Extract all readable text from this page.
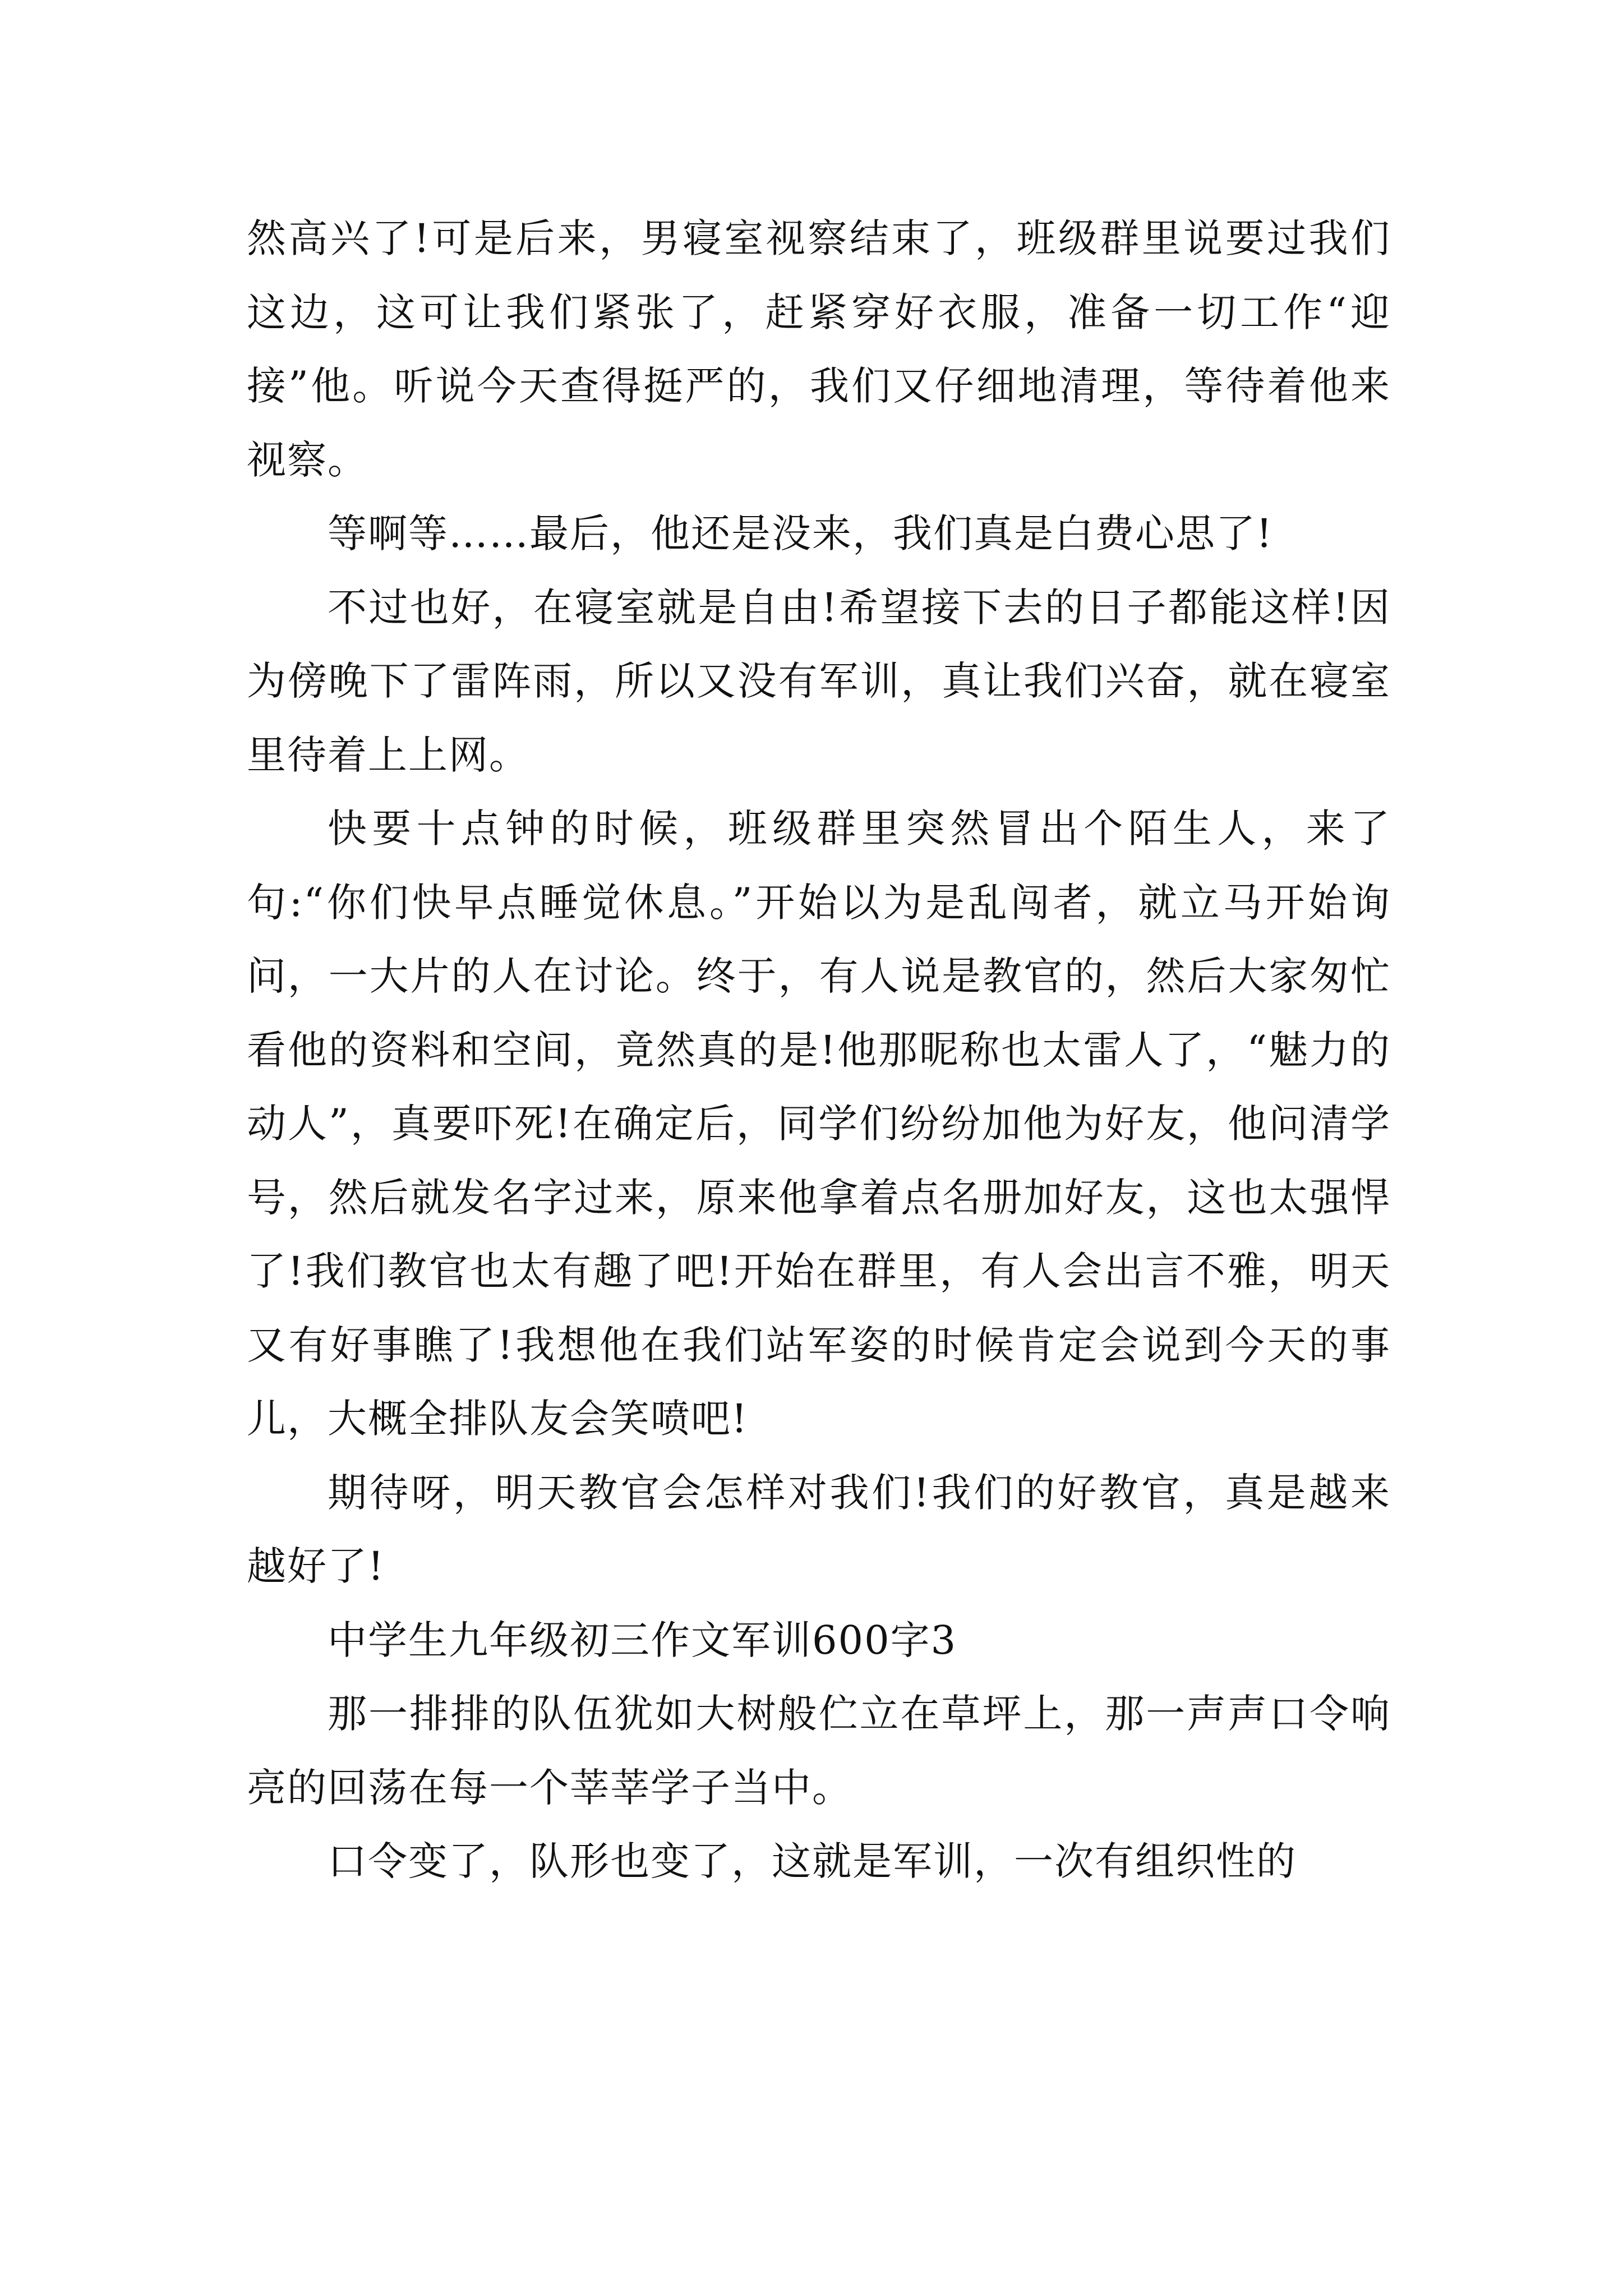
然高兴了!可是后来，男寝室视察结束了，班级群里说要过我们这边，这可让我们紧张了，赶紧穿好衣服，准备一切工作“迎接”他。听说今天查得挺严的，我们又仔细地清理，等待着他来视察。

等啊等……最后，他还是没来，我们真是白费心思了!

不过也好，在寝室就是自由!希望接下去的日子都能这样!因为傍晚下了雷阵雨，所以又没有军训，真让我们兴奋，就在寝室里待着上上网。

快要十点钟的时候，班级群里突然冒出个陌生人，来了句:“你们快早点睡觉休息。”开始以为是乱闯者，就立马开始询问，一大片的人在讨论。终于，有人说是教官的，然后大家匆忙看他的资料和空间，竟然真的是!他那昵称也太雷人了，“魅力的动人”，真要吓死!在确定后，同学们纷纷加他为好友，他问清学号，然后就发名字过来，原来他拿着点名册加好友，这也太强悍了!我们教官也太有趣了吧!开始在群里，有人会出言不雅，明天又有好事瞧了!我想他在我们站军姿的时候肯定会说到今天的事儿，大概全排队友会笑喷吧!

期待呀，明天教官会怎样对我们!我们的好教官，真是越来越好了!

中学生九年级初三作文军训600字3

那一排排的队伍犹如大树般伫立在草坪上，那一声声口令响亮的回荡在每一个莘莘学子当中。

口令变了，队形也变了，这就是军训，一次有组织性的
